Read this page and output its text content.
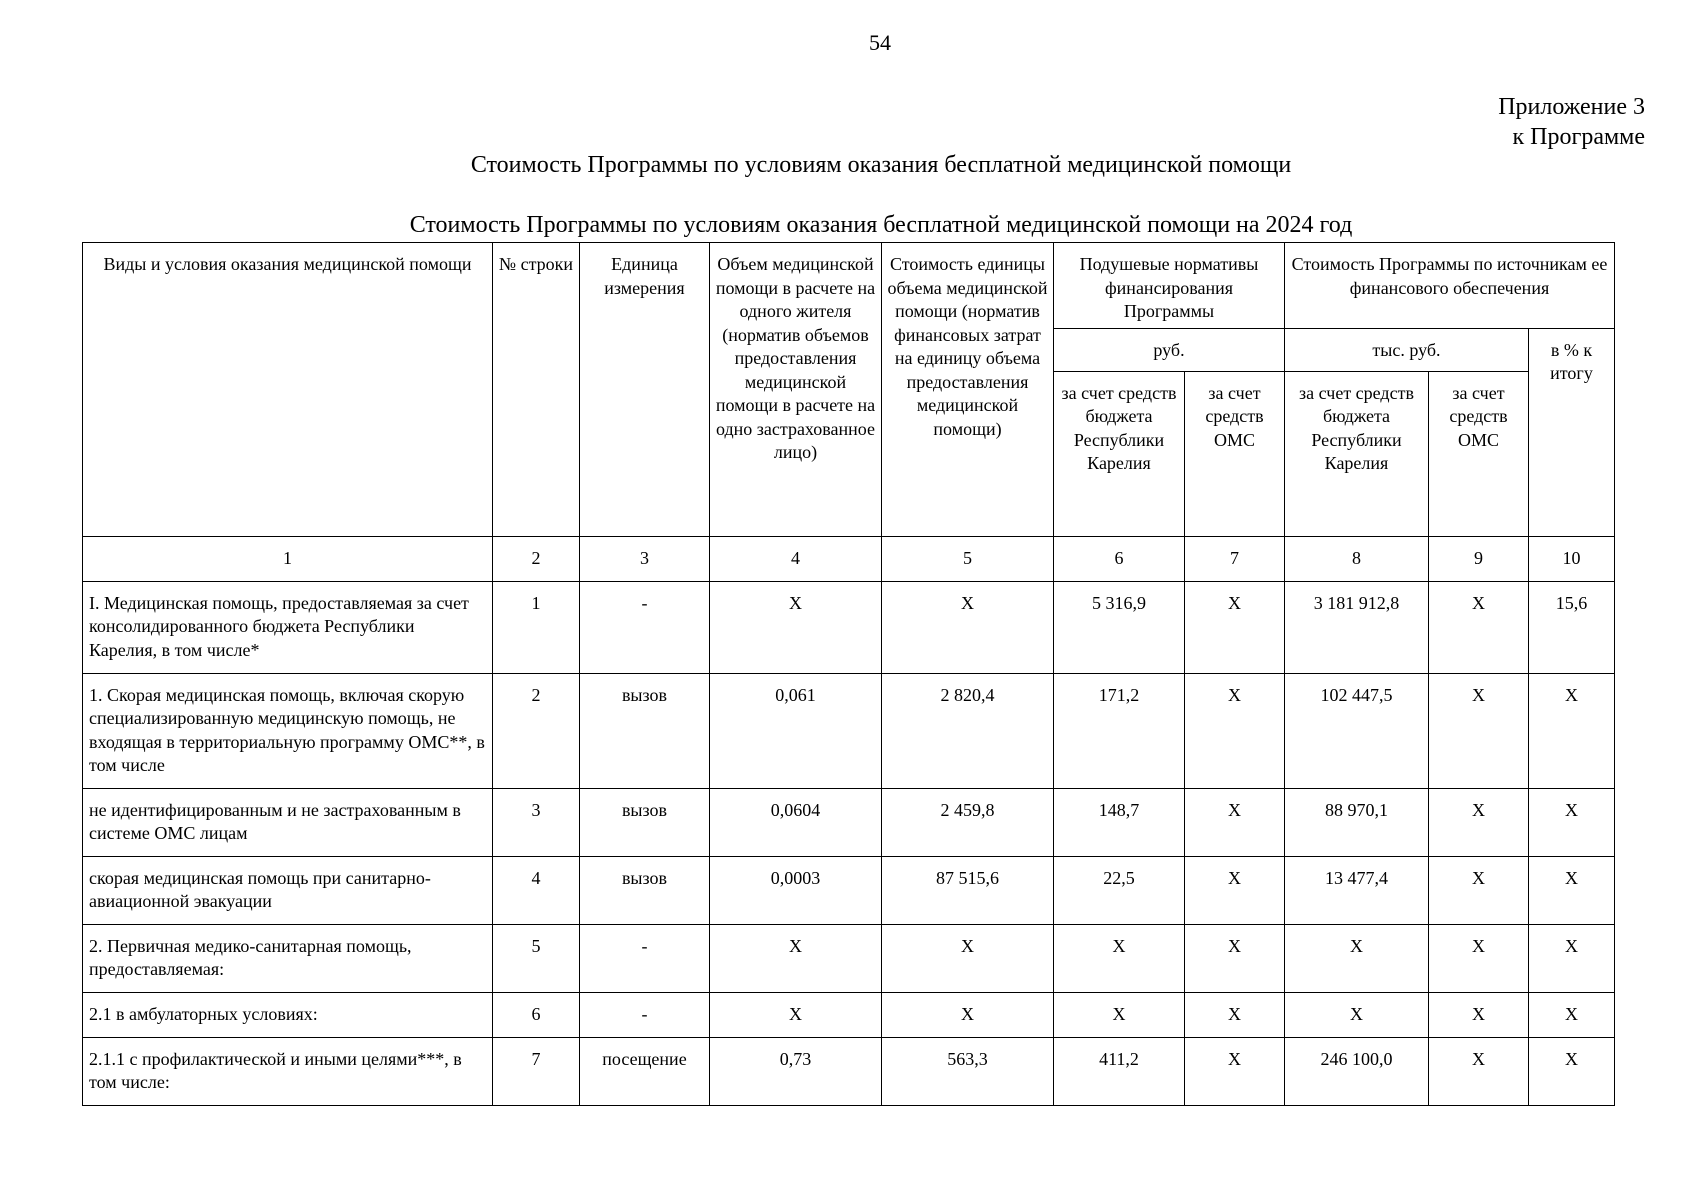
54
Приложение 3
к Программе
Стоимость Программы по условиям оказания бесплатной медицинской помощи
Стоимость Программы по условиям оказания бесплатной медицинской помощи на 2024 год
Виды и условия оказания медицинской помощи	№ строки	Единица измерения	Объем медицинской помощи в расчете на одного жителя (норматив объемов предоставления медицинской помощи в расчете на одно застрахованное лицо)	Стоимость единицы объема медицинской помощи (норматив финансовых затрат на единицу объема предоставления медицинской помощи)	Подушевые нормативы финансирования Программы		Стоимость Программы по источникам ее финансового обеспечения		
					руб.		тыс. руб.		в % к итогу
					за счет средств бюджета Республики Карелия	за счет средств ОМС	за счет средств бюджета Республики Карелия	за счет средств ОМС	
1	2	3	4	5	6	7	8	9	10
I. Медицинская помощь, предоставляемая за счет консолидированного бюджета Республики Карелия, в том числе*	1	-	X	X	5 316,9	X	3 181 912,8	X	15,6
1. Скорая медицинская помощь, включая скорую специализированную медицинскую помощь, не входящая в территориальную программу ОМС**, в том числе	2	вызов	0,061	2 820,4	171,2	X	102 447,5	X	X
не идентифицированным и не застрахованным в системе ОМС лицам	3	вызов	0,0604	2 459,8	148,7	X	88 970,1	X	X
скорая медицинская помощь при санитарно-авиационной эвакуации	4	вызов	0,0003	87 515,6	22,5	X	13 477,4	X	X
2. Первичная медико-санитарная помощь, предоставляемая:	5	-	X	X	X	X	X	X	X
2.1 в амбулаторных условиях:	6	-	X	X	X	X	X	X	X
2.1.1 с профилактической и иными целями***, в том числе:	7	посещение	0,73	563,3	411,2	X	246 100,0	X	X
